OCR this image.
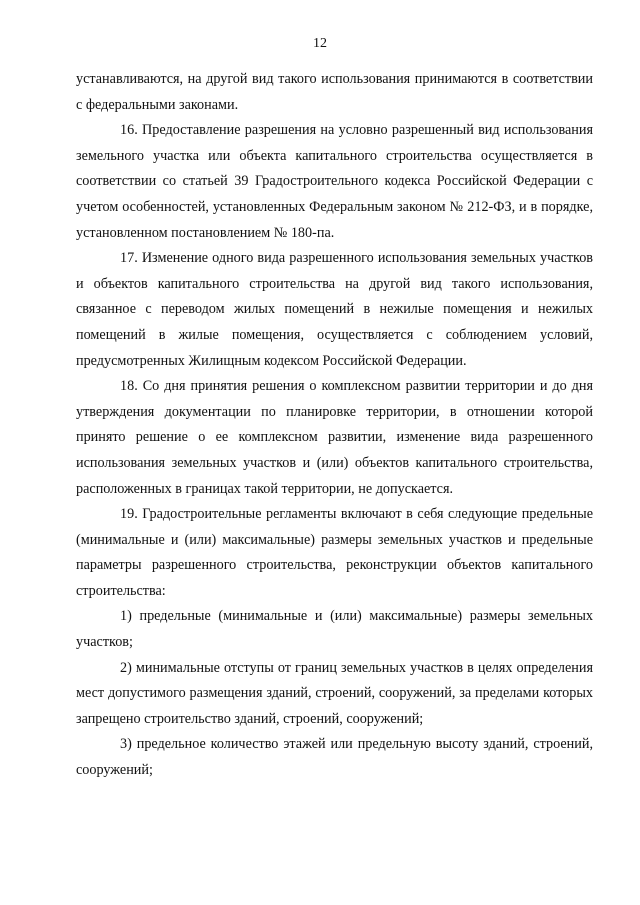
12

устанавливаются, на другой вид такого использования принимаются в соответствии с федеральными законами.

16. Предоставление разрешения на условно разрешенный вид использования земельного участка или объекта капитального строительства осуществляется в соответствии со статьей 39 Градостроительного кодекса Российской Федерации с учетом особенностей, установленных Федеральным законом № 212-ФЗ, и в порядке, установленном постановлением № 180-па.

17. Изменение одного вида разрешенного использования земельных участков и объектов капитального строительства на другой вид такого использования, связанное с переводом жилых помещений в нежилые помещения и нежилых помещений в жилые помещения, осуществляется с соблюдением условий, предусмотренных Жилищным кодексом Российской Федерации.

18. Со дня принятия решения о комплексном развитии территории и до дня утверждения документации по планировке территории, в отношении которой принято решение о ее комплексном развитии, изменение вида разрешенного использования земельных участков и (или) объектов капитального строительства, расположенных в границах такой территории, не допускается.

19. Градостроительные регламенты включают в себя следующие предельные (минимальные и (или) максимальные) размеры земельных участков и предельные параметры разрешенного строительства, реконструкции объектов капитального строительства:

1) предельные (минимальные и (или) максимальные) размеры земельных участков;

2) минимальные отступы от границ земельных участков в целях определения мест допустимого размещения зданий, строений, сооружений, за пределами которых запрещено строительство зданий, строений, сооружений;

3) предельное количество этажей или предельную высоту зданий, строений, сооружений;
